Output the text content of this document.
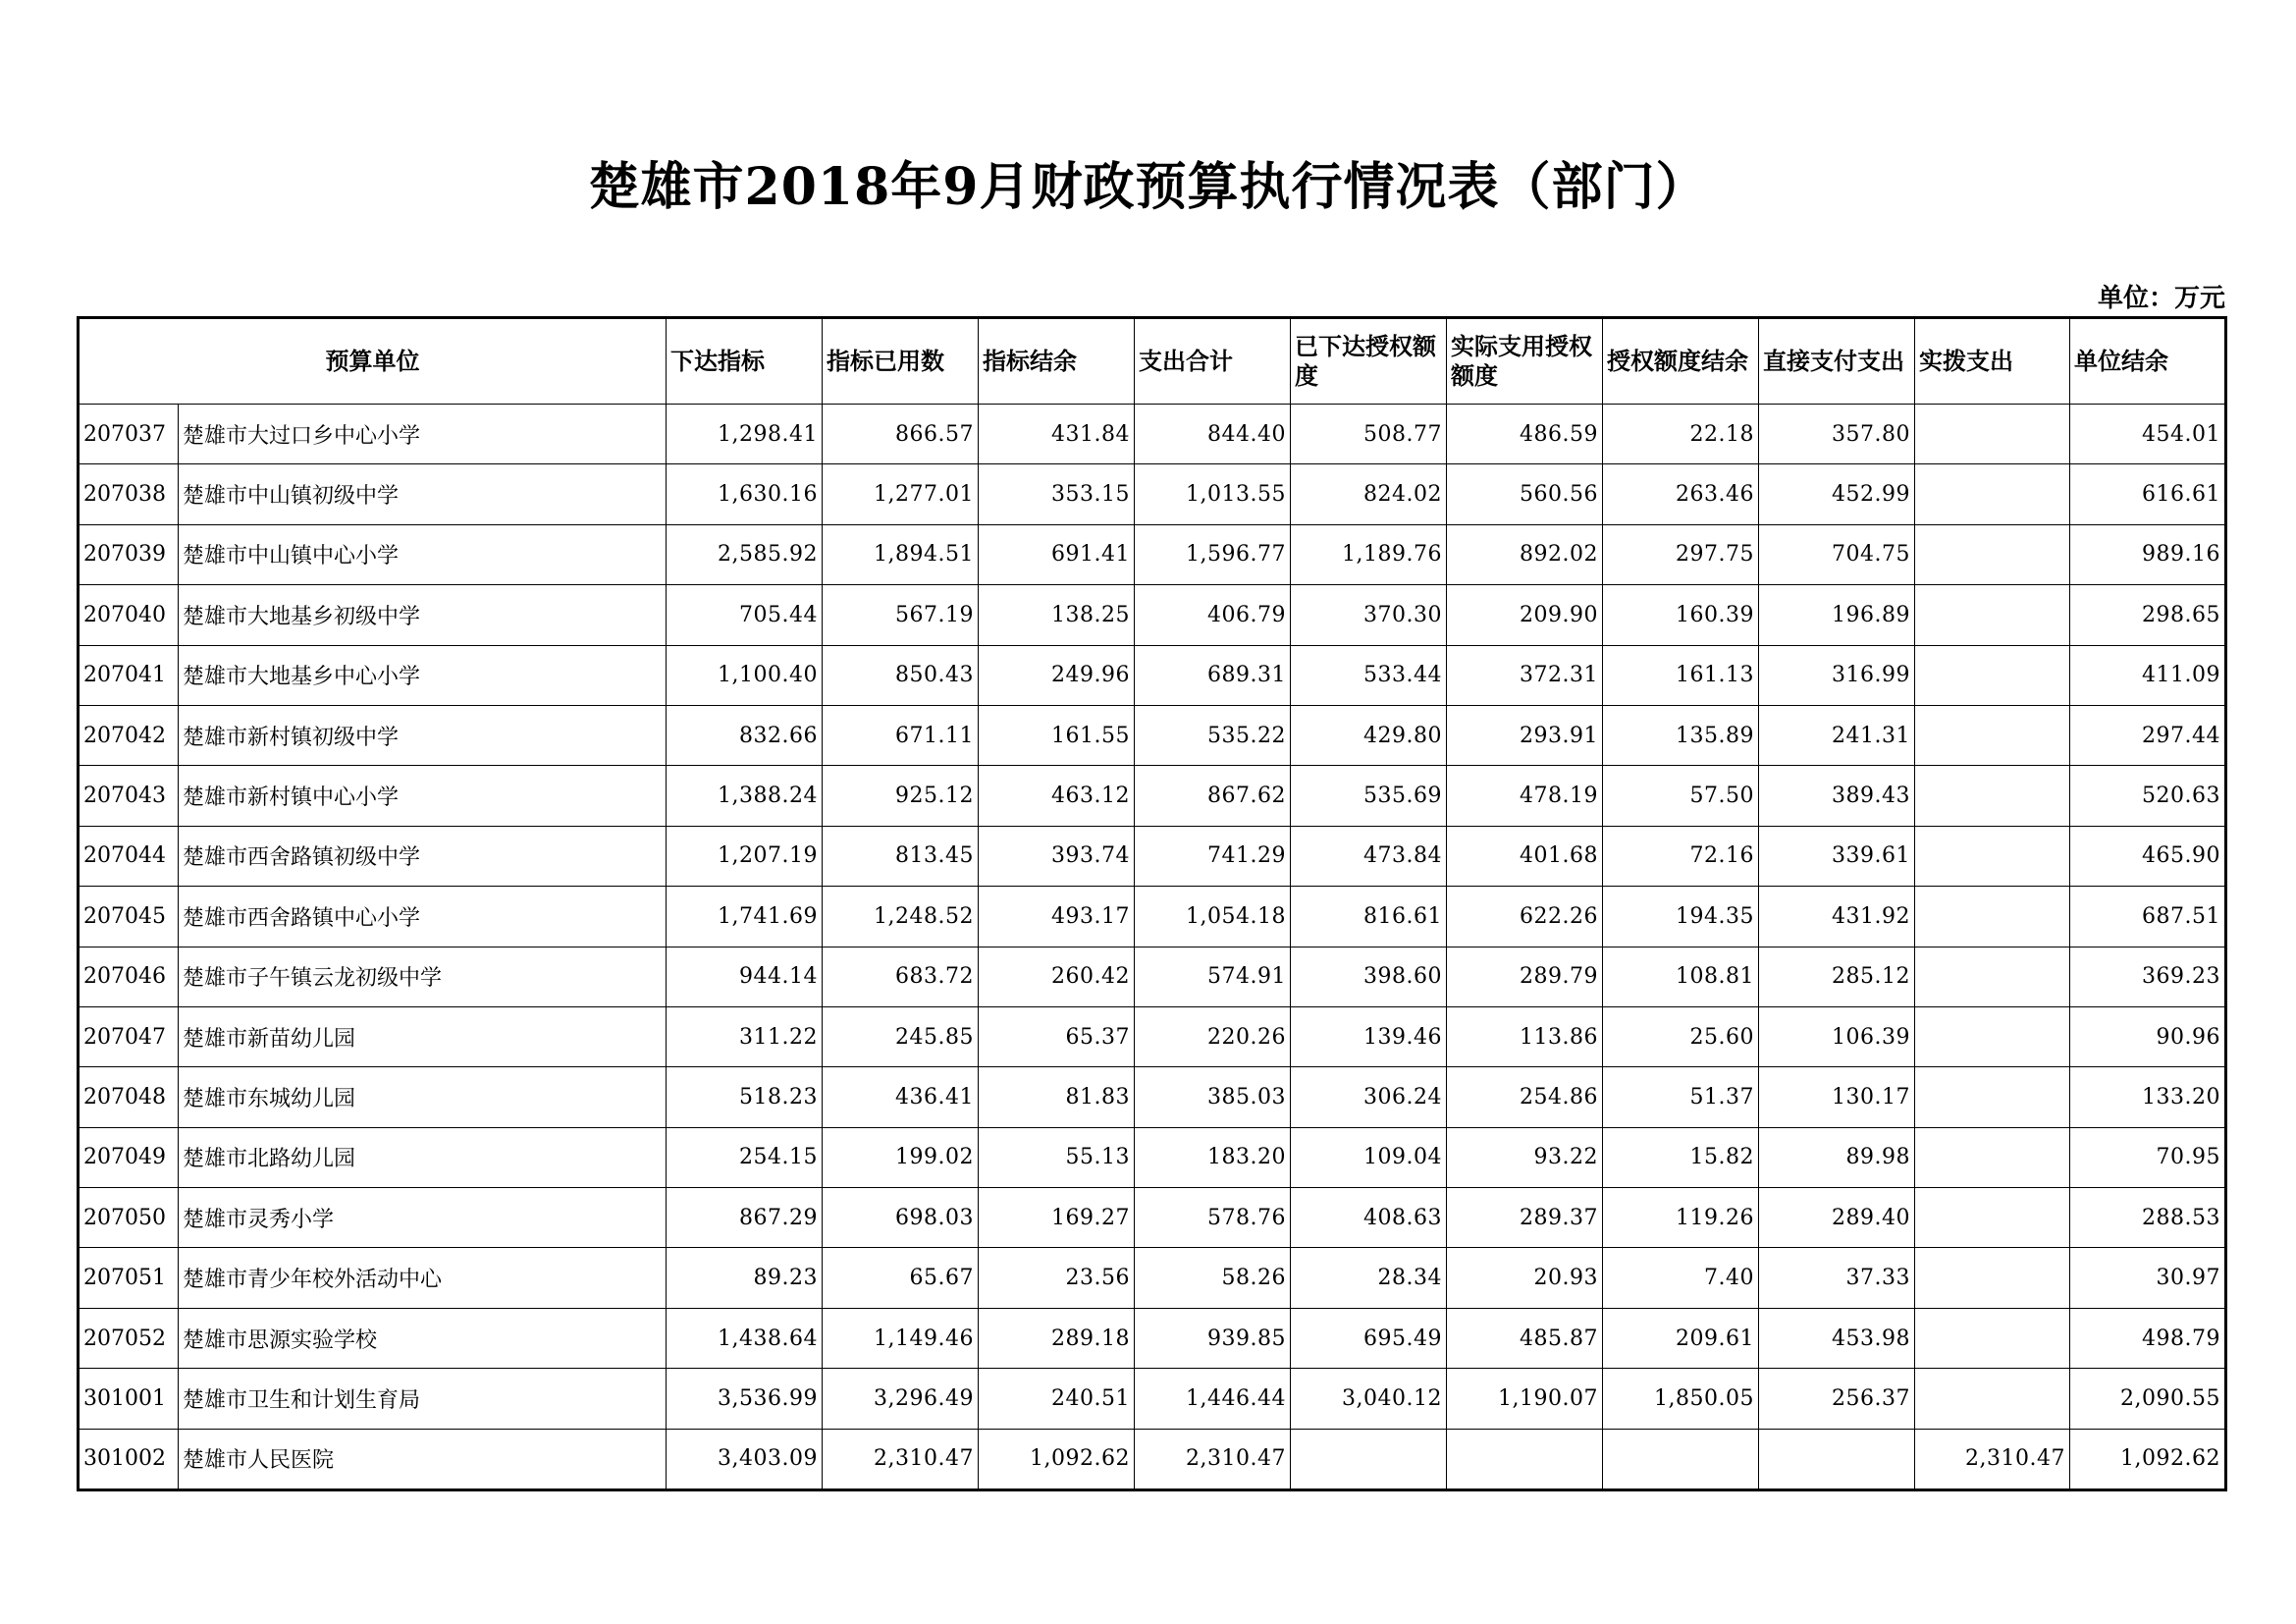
楚雄市2018年9月财政预算执行情况表（部门）
单位：万元
预算单位		下达指标	指标已用数	指标结余	支出合计	已下达授权额度	实际支用授权额度	授权额度结余	直接支付支出	实拨支出	单位结余
207037	楚雄市大过口乡中心小学	1,298.41	866.57	431.84	844.40	508.77	486.59	22.18	357.80		454.01
207038	楚雄市中山镇初级中学	1,630.16	1,277.01	353.15	1,013.55	824.02	560.56	263.46	452.99		616.61
207039	楚雄市中山镇中心小学	2,585.92	1,894.51	691.41	1,596.77	1,189.76	892.02	297.75	704.75		989.16
207040	楚雄市大地基乡初级中学	705.44	567.19	138.25	406.79	370.30	209.90	160.39	196.89		298.65
207041	楚雄市大地基乡中心小学	1,100.40	850.43	249.96	689.31	533.44	372.31	161.13	316.99		411.09
207042	楚雄市新村镇初级中学	832.66	671.11	161.55	535.22	429.80	293.91	135.89	241.31		297.44
207043	楚雄市新村镇中心小学	1,388.24	925.12	463.12	867.62	535.69	478.19	57.50	389.43		520.63
207044	楚雄市西舍路镇初级中学	1,207.19	813.45	393.74	741.29	473.84	401.68	72.16	339.61		465.90
207045	楚雄市西舍路镇中心小学	1,741.69	1,248.52	493.17	1,054.18	816.61	622.26	194.35	431.92		687.51
207046	楚雄市子午镇云龙初级中学	944.14	683.72	260.42	574.91	398.60	289.79	108.81	285.12		369.23
207047	楚雄市新苗幼儿园	311.22	245.85	65.37	220.26	139.46	113.86	25.60	106.39		90.96
207048	楚雄市东城幼儿园	518.23	436.41	81.83	385.03	306.24	254.86	51.37	130.17		133.20
207049	楚雄市北路幼儿园	254.15	199.02	55.13	183.20	109.04	93.22	15.82	89.98		70.95
207050	楚雄市灵秀小学	867.29	698.03	169.27	578.76	408.63	289.37	119.26	289.40		288.53
207051	楚雄市青少年校外活动中心	89.23	65.67	23.56	58.26	28.34	20.93	7.40	37.33		30.97
207052	楚雄市思源实验学校	1,438.64	1,149.46	289.18	939.85	695.49	485.87	209.61	453.98		498.79
301001	楚雄市卫生和计划生育局	3,536.99	3,296.49	240.51	1,446.44	3,040.12	1,190.07	1,850.05	256.37		2,090.55
301002	楚雄市人民医院	3,403.09	2,310.47	1,092.62	2,310.47					2,310.47	1,092.62
